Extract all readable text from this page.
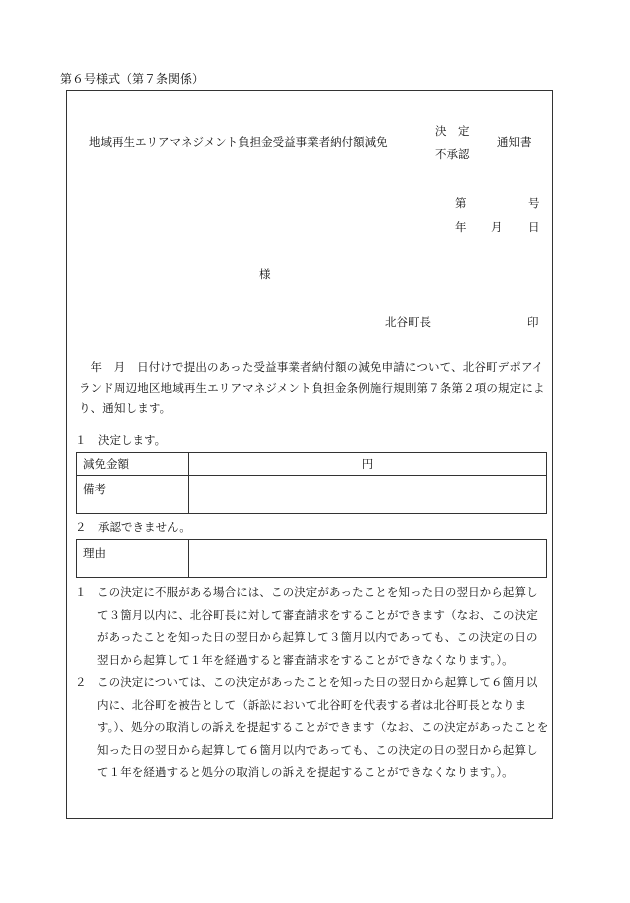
第６号様式（第７条関係）
地域再生エリアマネジメント負担金受益事業者納付額減免
決　定
不承認
通知書
第	号
年 月 日
様
北谷町長	印

年　月　日付けで提出のあった受益事業者納付額の減免申請について、北谷町デポアイランド周辺地区地域再生エリアマネジメント負担金条例施行規則第７条第２項の規定により、通知します。

１　決定します。
減免金額	円
備考	
２　承認できません。
理由	
１ この決定に不服がある場合には、この決定があったことを知った日の翌日から起算して３箇月以内に、北谷町長に対して審査請求をすることができます（なお、この決定があったことを知った日の翌日から起算して３箇月以内であっても、この決定の日の翌日から起算して１年を経過すると審査請求をすることができなくなります。）。
２ この決定については、この決定があったことを知った日の翌日から起算して６箇月以内に、北谷町を被告として（訴訟において北谷町を代表する者は北谷町長となります。）、処分の取消しの訴えを提起することができます（なお、この決定があったことを知った日の翌日から起算して６箇月以内であっても、この決定の日の翌日から起算して１年を経過すると処分の取消しの訴えを提起することができなくなります。）。
